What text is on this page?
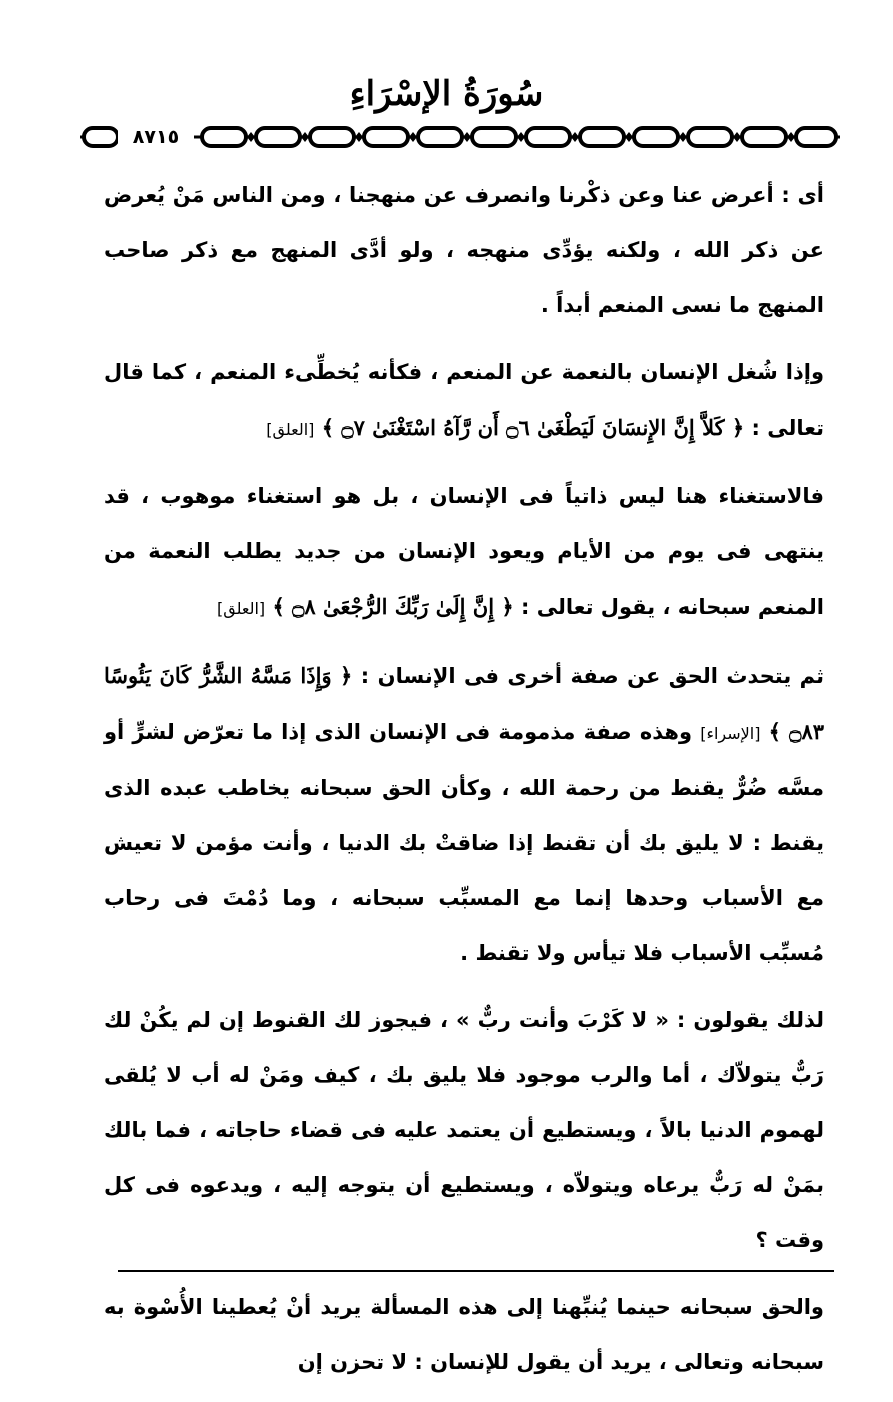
سُورَةُ الإسْرَاءِ
٨٧١٥

أى : أعرض عنا وعن ذكْرنا وانصرف عن منهجنا ، ومن الناس مَنْ يُعرض عن ذكر الله ، ولكنه يؤدِّى منهجه ، ولو أدَّى المنهج مع ذكر صاحب المنهج ما نسى المنعم أبداً .

وإذا شُغل الإنسان بالنعمة عن المنعم ، فكأنه يُخطِّىء المنعم ، كما قال تعالى : ﴿ كَلاَّ إِنَّ الإِنسَانَ لَيَطْغَىٰ ۝٦ أَن رَّآهُ اسْتَغْنَىٰ ۝٧ ﴾ [العلق]

فالاستغناء هنا ليس ذاتياً فى الإنسان ، بل هو استغناء موهوب ، قد ينتهى فى يوم من الأيام ويعود الإنسان من جديد يطلب النعمة من المنعم سبحانه ، يقول تعالى : ﴿ إِنَّ إِلَىٰ رَبِّكَ الرُّجْعَىٰ ۝٨ ﴾ [العلق]

ثم يتحدث الحق عن صفة أخرى فى الإنسان : ﴿ وَإِذَا مَسَّهُ الشَّرُّ كَانَ يَئُوسًا ۝٨٣ ﴾ [الإسراء] وهذه صفة مذمومة فى الإنسان الذى إذا ما تعرّض لشرٍّ أو مسَّه ضُرٌّ يقنط من رحمة الله ، وكأن الحق سبحانه يخاطب عبده الذى يقنط : لا يليق بك أن تقنط إذا ضاقتْ بك الدنيا ، وأنت مؤمن لا تعيش مع الأسباب وحدها إنما مع المسبِّب سبحانه ، وما دُمْتَ فى رحاب مُسبِّب الأسباب فلا تيأس ولا تقنط .

لذلك يقولون : « لا كَرْبَ وأنت ربٌّ » ، فيجوز لك القنوط إن لم يكُنْ لك رَبٌّ يتولاّك ، أما والرب موجود فلا يليق بك ، كيف ومَنْ له أب لا يُلقى لهموم الدنيا بالاً ، ويستطيع أن يعتمد عليه فى قضاء حاجاته ، فما بالك بمَنْ له رَبٌّ يرعاه ويتولاّه ، ويستطيع أن يتوجه إليه ، ويدعوه فى كل وقت ؟

والحق سبحانه حينما يُنبِّهنا إلى هذه المسألة يريد أنْ يُعطينا الأُسْوة به سبحانه وتعالى ، يريد أن يقول للإنسان : لا تحزن إن
